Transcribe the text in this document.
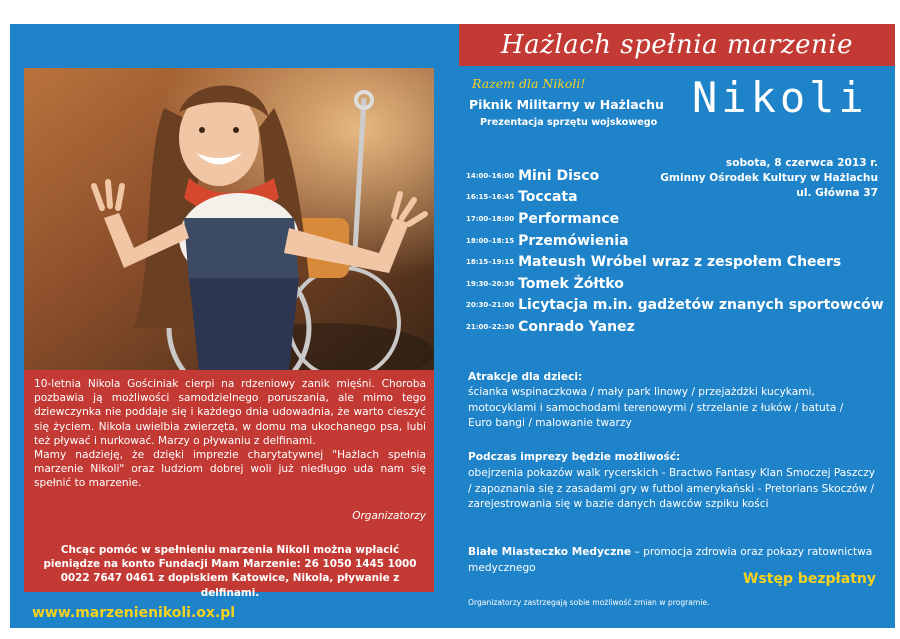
Hażlach spełnia marzenie

10-letnia Nikola Gościniak cierpi na rdzeniowy zanik mięśni. Choroba pozbawia ją możliwości samodzielnego poruszania, ale mimo tego dziewczynka nie poddaje się i każdego dnia udowadnia, że warto cieszyć się życiem. Nikola uwielbia zwierzęta, w domu ma ukochanego psa, lubi też pływać i nurkować. Marzy o pływaniu z delfinami.

Mamy nadzieję, że dzięki imprezie charytatywnej "Hażlach spełnia marzenie Nikoli" oraz ludziom dobrej woli już niedługo uda nam się spełnić to marzenie.

Organizatorzy
Chcąc pomóc w spełnieniu marzenia Nikoli można wpłacić pieniądze na konto Fundacji Mam Marzenie: 26 1050 1445 1000 0022 7647 0461 z dopiskiem Katowice, Nikola, pływanie z delfinami.
www.marzenienikoli.ox.pl
Razem dla Nikoli!
Piknik Militarny w Hażlachu
Prezentacja sprzętu wojskowego
Nikoli
sobota, 8 czerwca 2013 r.
Gminny Ośrodek Kultury w Hażlachu
ul. Główna 37
14:00–16:00 Mini Disco
16:15–16:45 Toccata
17:00–18:00 Performance
18:00–18:15 Przemówienia
18:15–19:15 Mateush Wróbel wraz z zespołem Cheers
19:30–20:30 Tomek Żółtko
20:30–21:00 Licytacja m.in. gadżetów znanych sportowców
21:00–22:30 Conrado Yanez
Atrakcje dla dzieci:
ścianka wspinaczkowa / mały park linowy / przejażdżki kucykami, motocyklami i samochodami terenowymi / strzelanie z łuków / batuta / Euro bangi / malowanie twarzy
Podczas imprezy będzie możliwość:
obejrzenia pokazów walk rycerskich - Bractwo Fantasy Klan Smoczej Paszczy / zapoznania się z zasadami gry w futbol amerykański - Pretorians Skoczów / zarejestrowania się w bazie danych dawców szpiku kości
Białe Miasteczko Medyczne – promocja zdrowia oraz pokazy ratownictwa medycznego
Wstęp bezpłatny
Organizatorzy zastrzegają sobie możliwość zmian w programie.
